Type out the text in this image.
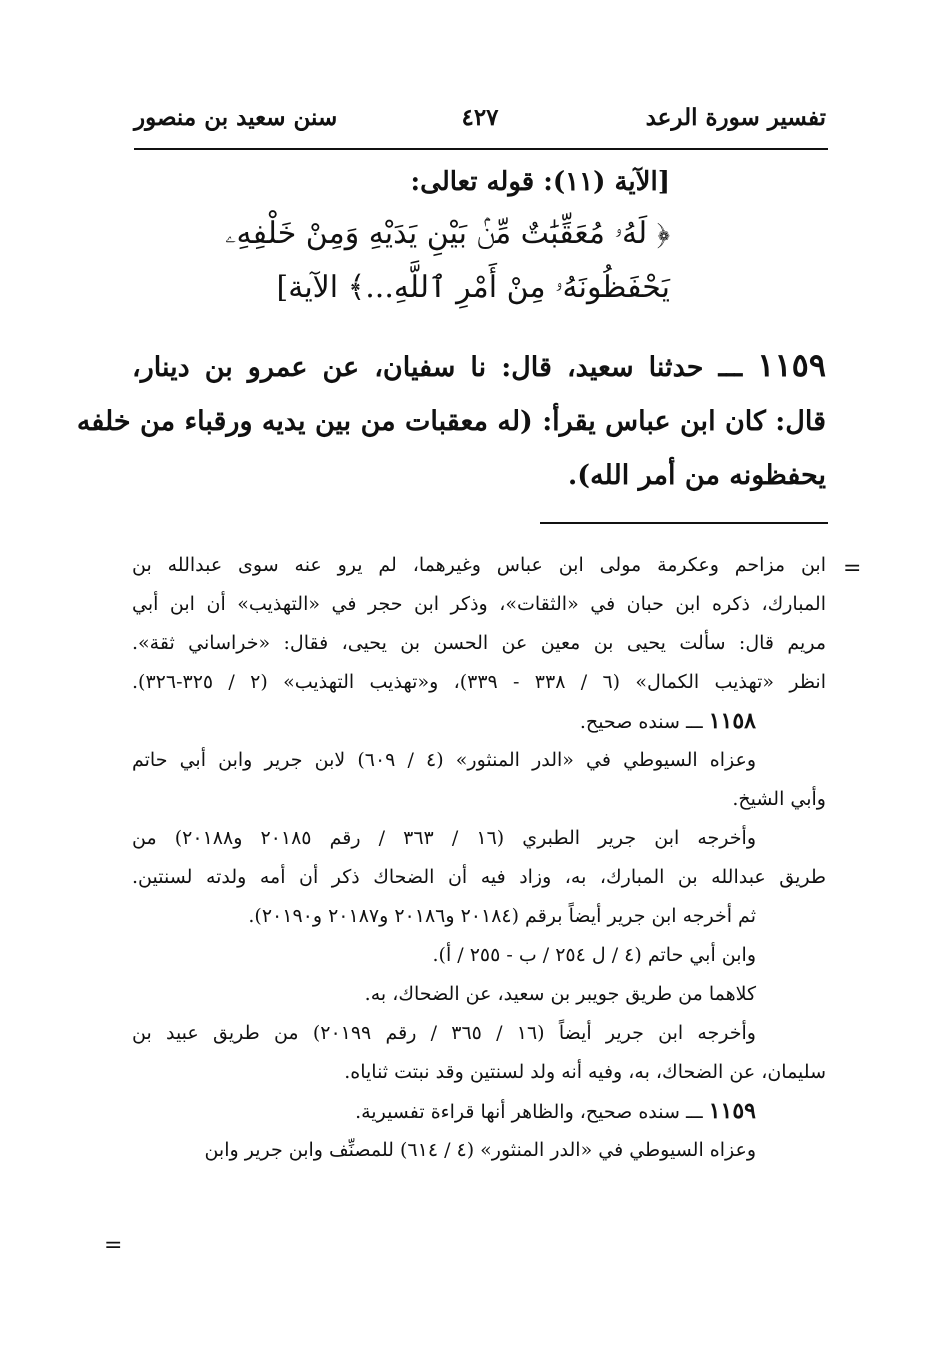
تفسير سورة الرعد
٤٢٧
سنن سعيد بن منصور
[الآية (١١): قوله تعالى:
﴿ لَهُۥ مُعَقِّبَٰتٌ مِّنۢ بَيْنِ يَدَيْهِ وَمِنْ خَلْفِهِۦ
يَحْفَظُونَهُۥ مِنْ أَمْرِ ٱللَّهِ...﴾ الآية]
١١٥٩ ـــ حدثنا سعيد، قال: نا سفيان، عن عمرو بن دينار،
قال: كان ابن عباس يقرأ: (له معقبات من بين يديه ورقباء من خلفه
يحفظونه من أمر الله).
=
ابن مزاحم وعكرمة مولى ابن عباس وغيرهما، لم يرو عنه سوى عبدالله بن
المبارك، ذكره ابن حبان في «الثقات»، وذكر ابن حجر في «التهذيب» أن ابن أبي
مريم قال: سألت يحيى بن معين عن الحسن بن يحيى، فقال: «خراساني ثقة».
انظر «تهذيب الكمال» (٦ / ٣٣٨ - ٣٣٩)، و«تهذيب التهذيب» (٢ / ٣٢٥-٣٢٦).
١١٥٨ ـــ سنده صحيح.
وعزاه السيوطي في «الدر المنثور» (٤ / ٦٠٩) لابن جرير وابن أبي حاتم
وأبي الشيخ.
وأخرجه ابن جرير الطبري (١٦ / ٣٦٣ / رقم ٢٠١٨٥ و٢٠١٨٨) من
طريق عبدالله بن المبارك، به، وزاد فيه أن الضحاك ذكر أن أمه ولدته لسنتين.
ثم أخرجه ابن جرير أيضاً برقم (٢٠١٨٤ و٢٠١٨٦ و٢٠١٨٧ و٢٠١٩٠).
وابن أبي حاتم (٤ / ل ٢٥٤ / ب - ٢٥٥ / أ).
كلاهما من طريق جويبر بن سعيد، عن الضحاك، به.
وأخرجه ابن جرير أيضاً (١٦ / ٣٦٥ / رقم ٢٠١٩٩) من طريق عبيد بن
سليمان، عن الضحاك، به، وفيه أنه ولد لسنتين وقد نبتت ثناياه.
١١٥٩ ـــ سنده صحيح، والظاهر أنها قراءة تفسيرية.
وعزاه السيوطي في «الدر المنثور» (٤ / ٦١٤) للمصنِّف وابن جرير وابن
=
